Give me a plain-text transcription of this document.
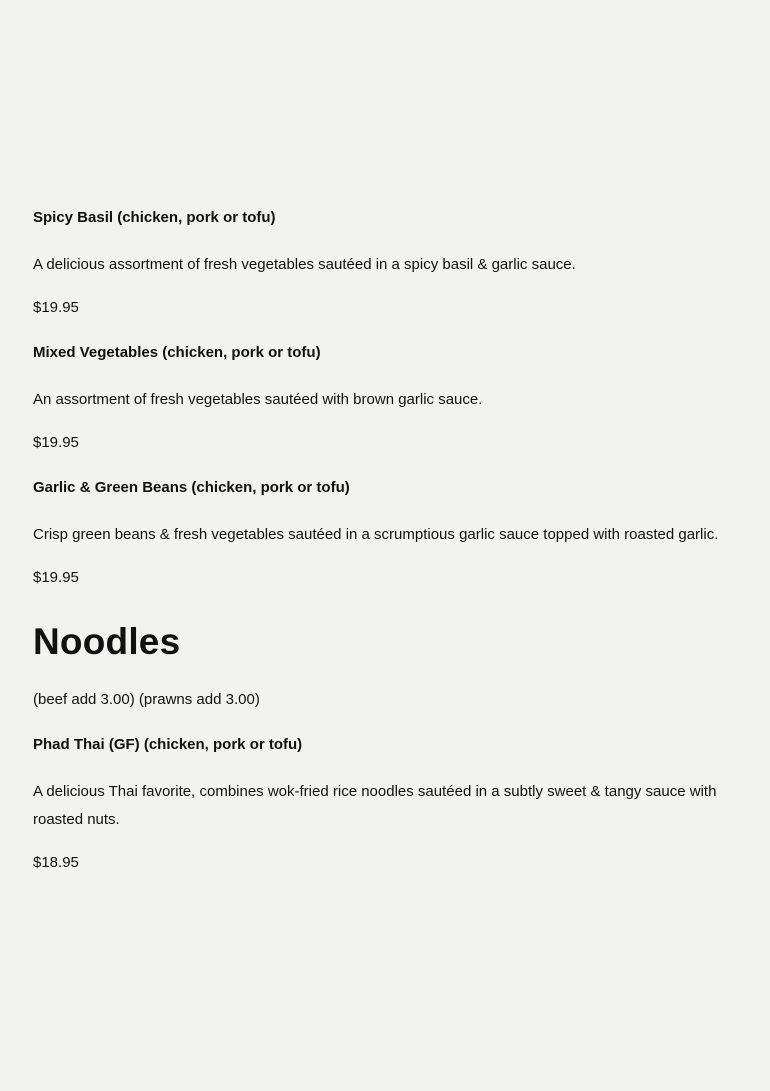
Spicy Basil (chicken, pork or tofu)

A delicious assortment of fresh vegetables sautéed in a spicy basil & garlic sauce.

$19.95

Mixed Vegetables (chicken, pork or tofu)

An assortment of fresh vegetables sautéed with brown garlic sauce.

$19.95

Garlic & Green Beans (chicken, pork or tofu)

Crisp green beans & fresh vegetables sautéed in a scrumptious garlic sauce topped with roasted garlic.

$19.95

Noodles

(beef add 3.00) (prawns add 3.00)

Phad Thai (GF) (chicken, pork or tofu)

A delicious Thai favorite, combines wok-fried rice noodles sautéed in a subtly sweet & tangy sauce with roasted nuts.

$18.95
